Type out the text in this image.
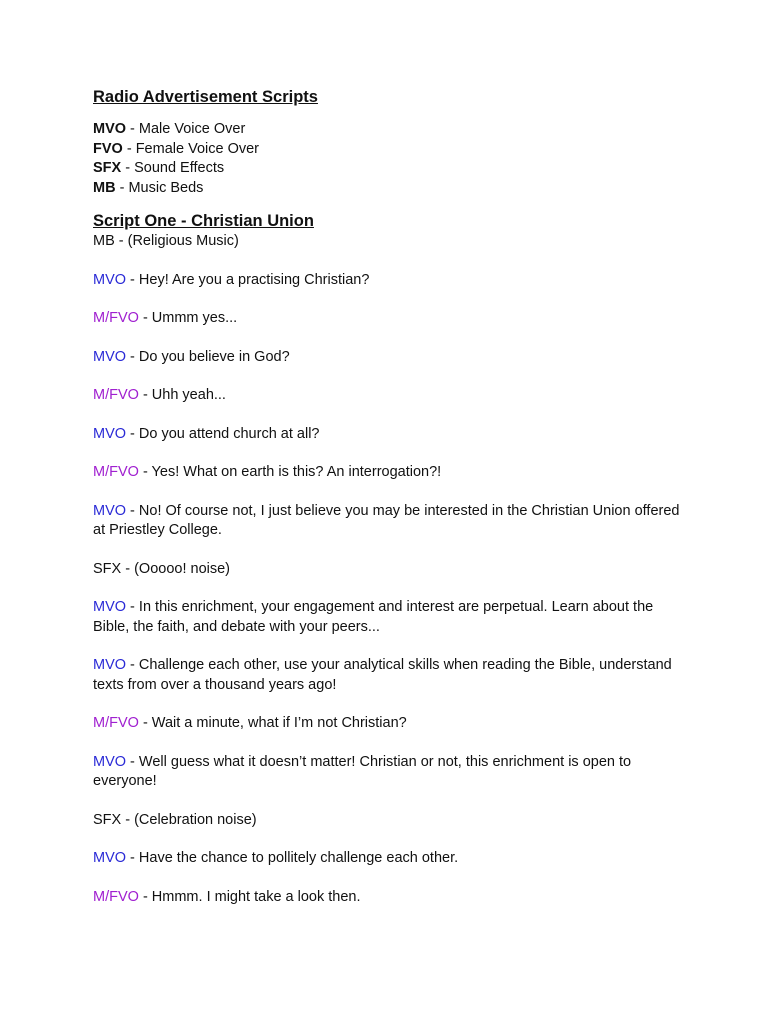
Radio Advertisement Scripts
MVO - Male Voice Over
FVO - Female Voice Over
SFX - Sound Effects
MB - Music Beds
Script One - Christian Union
MB - (Religious Music)
MVO - Hey! Are you a practising Christian?
M/FVO - Ummm yes...
MVO - Do you believe in God?
M/FVO - Uhh yeah...
MVO - Do you attend church at all?
M/FVO - Yes! What on earth is this? An interrogation?!
MVO - No! Of course not, I just believe you may be interested in the Christian Union offered at Priestley College.
SFX - (Ooooo! noise)
MVO - In this enrichment, your engagement and interest are perpetual. Learn about the Bible, the faith, and debate with your peers...
MVO - Challenge each other, use your analytical skills when reading the Bible, understand texts from over a thousand years ago!
M/FVO - Wait a minute, what if I’m not Christian?
MVO - Well guess what it doesn’t matter! Christian or not, this enrichment is open to everyone!
SFX - (Celebration noise)
MVO - Have the chance to pollitely challenge each other.
M/FVO - Hmmm. I might take a look then.
